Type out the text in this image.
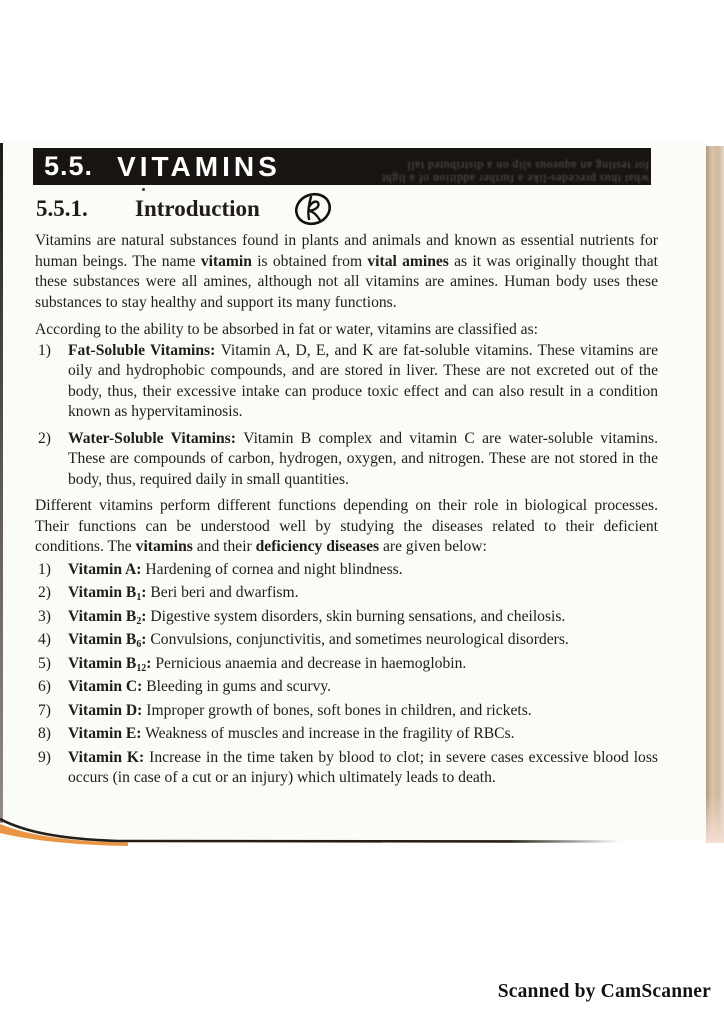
5.5. VITAMINS	what thus precedes-like a further addition of a light
for testing an aqueous slip on a distributed tall
5.5.1.	Introduction

Vitamins are natural substances found in plants and animals and known as essential nutrients for human beings. The name vitamin is obtained from vital amines as it was originally thought that these substances were all amines, although not all vitamins are amines. Human body uses these substances to stay healthy and support its many functions.

According to the ability to be absorbed in fat or water, vitamins are classified as:

1) Fat-Soluble Vitamins: Vitamin A, D, E, and K are fat-soluble vitamins. These vitamins are oily and hydrophobic compounds, and are stored in liver. These are not excreted out of the body, thus, their excessive intake can produce toxic effect and can also result in a condition known as hypervitaminosis.
2) Water-Soluble Vitamins: Vitamin B complex and vitamin C are water-soluble vitamins. These are compounds of carbon, hydrogen, oxygen, and nitrogen. These are not stored in the body, thus, required daily in small quantities.

Different vitamins perform different functions depending on their role in biological processes. Their functions can be understood well by studying the diseases related to their deficient conditions. The vitamins and their deficiency diseases are given below:

1) Vitamin A: Hardening of cornea and night blindness.
2) Vitamin $B_1$: Beri beri and dwarfism.
3) Vitamin $B_2$: Digestive system disorders, skin burning sensations, and cheilosis.
4) Vitamin $B_6$: Convulsions, conjunctivitis, and sometimes neurological disorders.
5) Vitamin $B_{12}$: Pernicious anaemia and decrease in haemoglobin.
6) Vitamin C: Bleeding in gums and scurvy.
7) Vitamin D: Improper growth of bones, soft bones in children, and rickets.
8) Vitamin E: Weakness of muscles and increase in the fragility of RBCs.
9) Vitamin K: Increase in the time taken by blood to clot; in severe cases excessive blood loss occurs (in case of a cut or an injury) which ultimately leads to death.
Scanned by CamScanner
